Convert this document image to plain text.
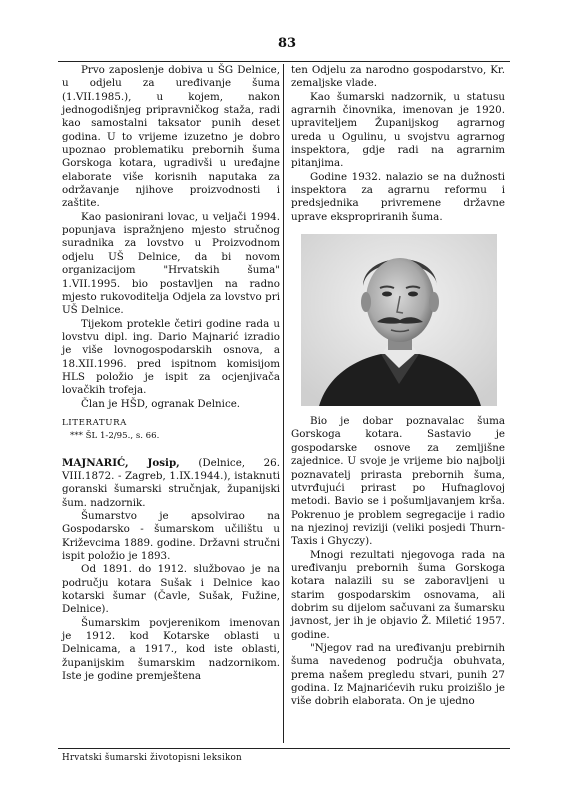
83

Prvo zaposlenje dobiva u ŠG Delnice, u odjelu za uređivanje šuma (1.VII.1985.), u kojem, nakon jednogodišnjeg pripravničkog staža, radi kao samostalni taksator punih deset godina. U to vrijeme izuzetno je dobro upoznao problematiku prebornih šuma Gorskoga kotara, ugradivši u uređajne elaborate više korisnih naputaka za održavanje njihove proizvodnosti i zaštite.

Kao pasionirani lovac, u veljači 1994. popunjava ispražnjeno mjesto stručnog suradnika za lovstvo u Proizvodnom odjelu UŠ Delnice, da bi novom organizacijom "Hrvatskih šuma" 1.VII.1995. bio postavljen na radno mjesto rukovoditelja Odjela za lovstvo pri UŠ Delnice.

Tijekom protekle četiri godine rada u lovstvu dipl. ing. Dario Majnarić izradio je više lovnogospodarskih osnova, a 18.XII.1996. pred ispitnom komisijom HLS položio je ispit za ocjenjivača lovačkih trofeja.

Član je HŠD, ogranak Delnice.

LITERATURA

*** ŠL 1-2/95., s. 66.

MAJNARIĆ, Josip, (Delnice, 26. VIII.1872. - Zagreb, 1.IX.1944.), istaknuti goranski šumarski stručnjak, županijski šum. nadzornik.

Šumarstvo je apsolvirao na Gospodarsko - šumarskom učilištu u Križevcima 1889. godine. Državni stručni ispit položio je 1893.

Od 1891. do 1912. službovao je na području kotara Sušak i Delnice kao kotarski šumar (Čavle, Sušak, Fužine, Delnice).

Šumarskim povjerenikom imenovan je 1912. kod Kotarske oblasti u Delnicama, a 1917., kod iste oblasti, županijskim šumarskim nadzornikom. Iste je godine premještena

ten Odjelu za narodno gospodarstvo, Kr. zemaljske vlade.

Kao šumarski nadzornik, u statusu agrarnih činovnika, imenovan je 1920. upraviteljem Županijskog agrarnog ureda u Ogulinu, u svojstvu agrarnog inspektora, gdje radi na agrarnim pitanjima.

Godine 1932. nalazio se na dužnosti inspektora za agrarnu reformu i predsjednika privremene državne uprave ekspropriranih šuma.

Bio je dobar poznavalac šuma Gorskoga kotara. Sastavio je gospodarske osnove za zemljišne zajednice. U svoje je vrijeme bio najbolji poznavatelj prirasta prebornih šuma, utvrđujući prirast po Hufnaglovoj metodi. Bavio se i pošumljavanjem krša. Pokrenuo je problem segregacije i radio na njezinoj reviziji (veliki posjedi Thurn-Taxis i Ghyczy).

Mnogi rezultati njegovoga rada na uređivanju prebornih šuma Gorskoga kotara nalazili su se zaboravljeni u starim gospodarskim osnovama, ali dobrim su dijelom sačuvani za šumarsku javnost, jer ih je objavio Ž. Miletić 1957. godine.

"Njegov rad na uređivanju prebirnih šuma navedenog područja obuhvata, prema našem pregledu stvari, punih 27 godina. Iz Majnarićevih ruku proizišlo je više dobrih elaborata. On je ujedno

Hrvatski šumarski životopisni leksikon
